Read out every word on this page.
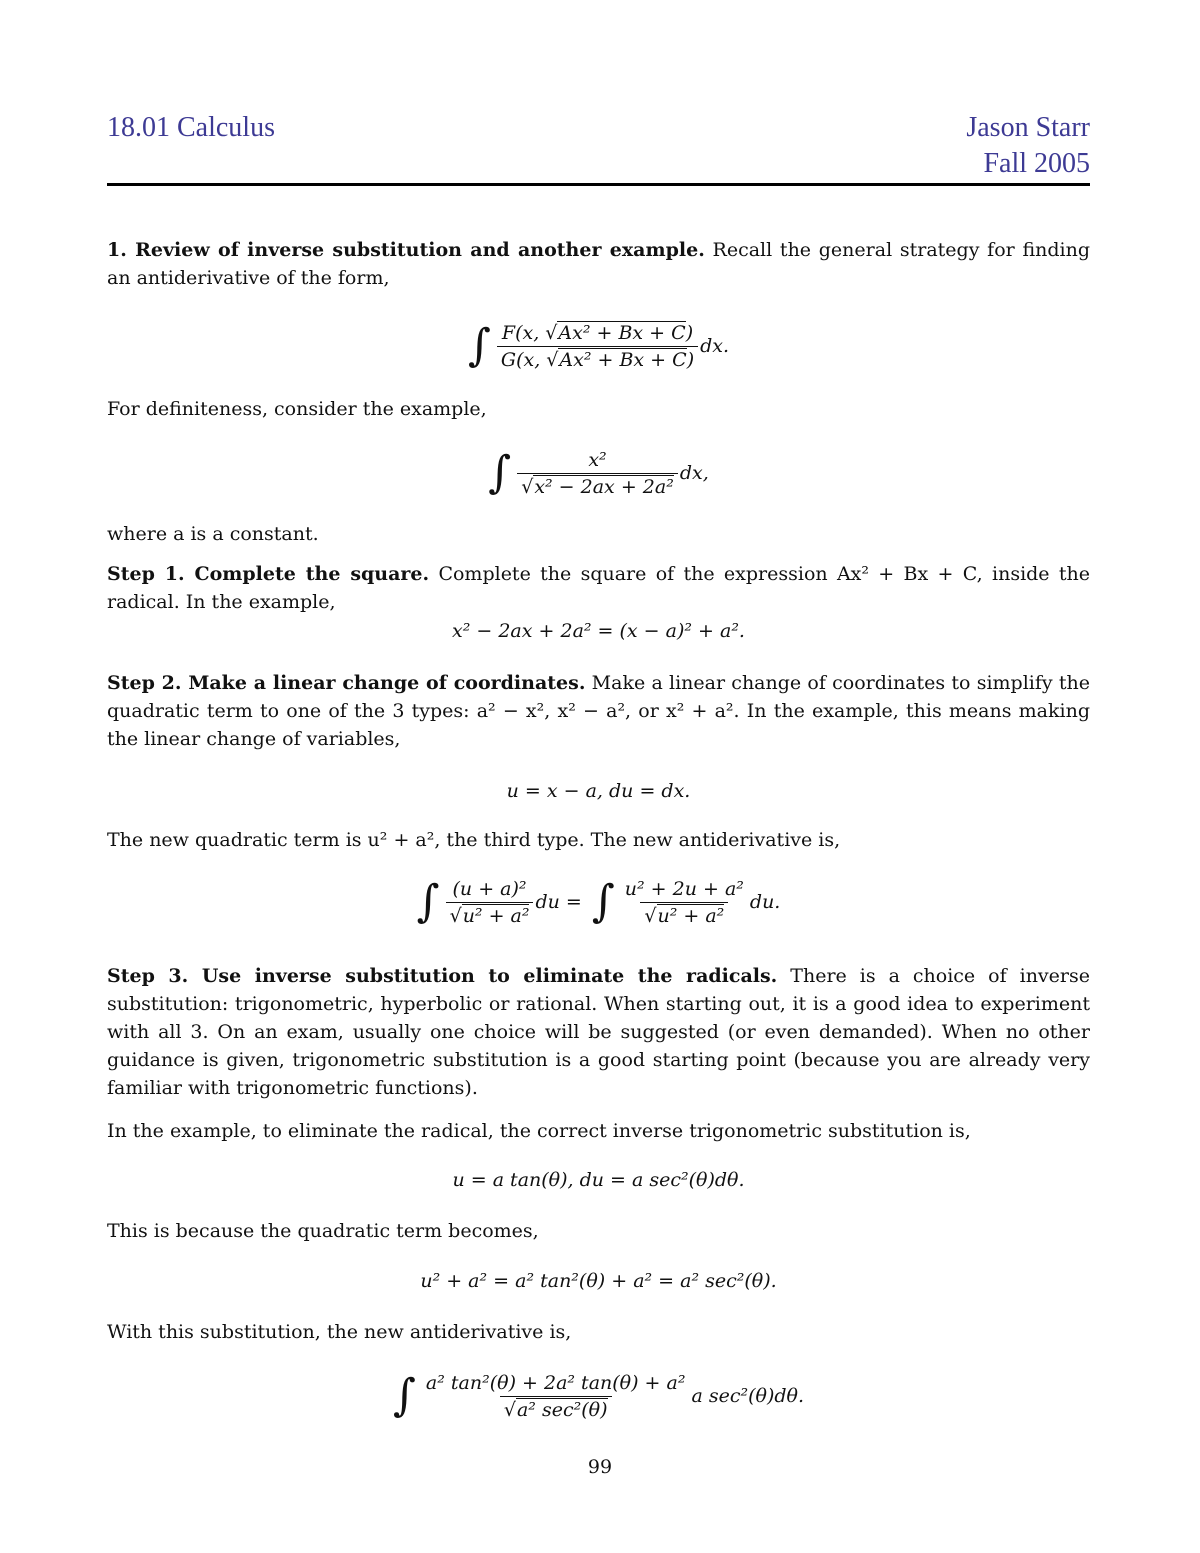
18.01 Calculus	Jason Starr
Fall 2005
1. Review of inverse substitution and another example. Recall the general strategy for finding an antiderivative of the form,
∫ $\frac{\text{F(x, √Ax² + Bx + C)}}{\text{G(x, √Ax² + Bx + C)}}$ dx.
For definiteness, consider the example,
∫ $\frac{\text{x²}}{\text{√x² − 2ax + 2a²}}$ dx,
where a is a constant.
Step 1. Complete the square. Complete the square of the expression Ax² + Bx + C, inside the radical. In the example,
x² − 2ax + 2a² = (x − a)² + a².
Step 2. Make a linear change of coordinates. Make a linear change of coordinates to simplify the quadratic term to one of the 3 types: a² − x², x² − a², or x² + a². In the example, this means making the linear change of variables,
u = x − a, du = dx.
The new quadratic term is u² + a², the third type. The new antiderivative is,
∫ $\frac{\text{(u + a)²}}{\text{√u² + a²}}$ du = ∫ $\frac{\text{u² + 2u + a²}}{\text{√u² + a²}}$ du.
Step 3. Use inverse substitution to eliminate the radicals. There is a choice of inverse substitution: trigonometric, hyperbolic or rational. When starting out, it is a good idea to experiment with all 3. On an exam, usually one choice will be suggested (or even demanded). When no other guidance is given, trigonometric substitution is a good starting point (because you are already very familiar with trigonometric functions).
In the example, to eliminate the radical, the correct inverse trigonometric substitution is,
u = a tan(θ), du = a sec²(θ)dθ.
This is because the quadratic term becomes,
u² + a² = a² tan²(θ) + a² = a² sec²(θ).
With this substitution, the new antiderivative is,
∫ $\frac{\text{a² tan²(θ) + 2a² tan(θ) + a²}}{\text{√a² sec²(θ)}}$ a sec²(θ)dθ.
99
